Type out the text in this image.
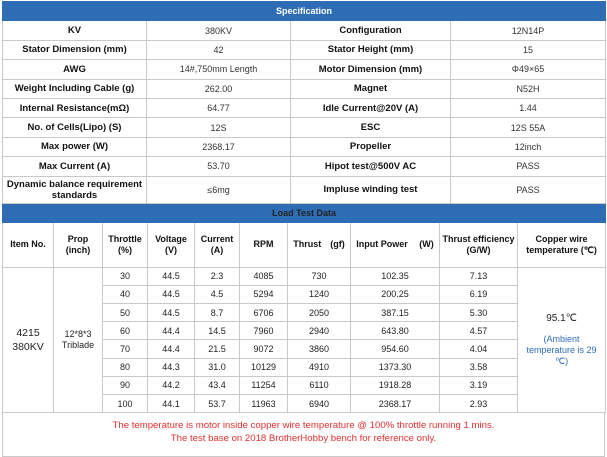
Specification			
KV	380KV	Configuration	12N14P
Stator Dimension (mm)	42	Stator Height (mm)	15
AWG	14#,750mm Length	Motor Dimension (mm)	Φ49×65
Weight Including Cable (g)	262.00	Magnet	N52H
Internal Resistance(mΩ)	64.77	Idle Current@20V (A)	1.44
No. of Cells(Lipo) (S)	12S	ESC	12S 55A
Max power (W)	2368.17	Propeller	12inch
Max Current (A)	53.70	Hipot test@500V AC	PASS
Dynamic balance requirement standards	≤6mg	Impluse winding test	PASS
Load Test Data									
Item No.	Prop (inch)	Throttle (%)	Voltage (V)	Current (A)	RPM	Thrust　(gf)	Input Power　 (W)	Thrust efficiency (G/W)	Copper wire temperature (℃)
4215 380KV	12*8*3 Triblade	30	44.5	2.3	4085	730	102.35	7.13	95.1℃
(Ambient temperature is 29 ℃)

		40	44.5	4.5	5294	1240	200.25	6.19	
		50	44.5	8.7	6706	2050	387.15	5.30	
		60	44.4	14.5	7960	2940	643.80	4.57	
		70	44.4	21.5	9072	3860	954.60	4.04	
		80	44.3	31.0	10129	4910	1373.30	3.58	
		90	44.2	43.4	11254	6110	1918.28	3.19	
		100	44.1	53.7	11963	6940	2368.17	2.93	
The temperature is motor inside copper wire temperature @ 100% throttle running 1 mins.
The test base on 2018 BrotherHobby bench for reference only.
